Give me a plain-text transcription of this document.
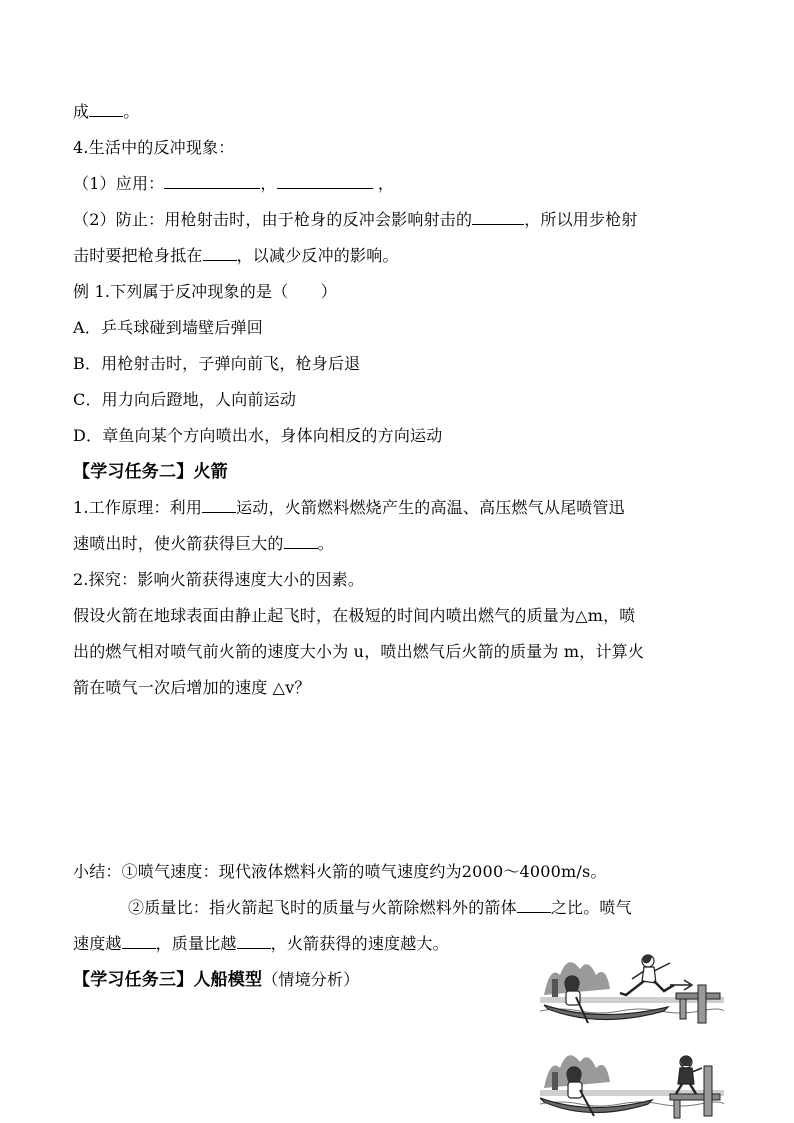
成 。
4.生活中的反冲现象：
（1）应用：	，	，
（2）防止：用枪射击时，由于枪身的反冲会影响射击的	，所以用步枪射
击时要把枪身抵在 ，以减少反冲的影响。
例 1.下列属于反冲现象的是（　　）
A．乒乓球碰到墙壁后弹回
B．用枪射击时，子弹向前飞，枪身后退
C．用力向后蹬地，人向前运动
D．章鱼向某个方向喷出水，身体向相反的方向运动
【学习任务二】火箭
1.工作原理：利用 运动，火箭燃料燃烧产生的高温、高压燃气从尾喷管迅
速喷出时，使火箭获得巨大的 。
2.探究：影响火箭获得速度大小的因素。
假设火箭在地球表面由静止起飞时，在极短的时间内喷出燃气的质量为△m，喷
出的燃气相对喷气前火箭的速度大小为 u，喷出燃气后火箭的质量为 m，计算火
箭在喷气一次后增加的速度 △v？
小结：①喷气速度：现代液体燃料火箭的喷气速度约为2000～4000m/s。
②质量比：指火箭起飞时的质量与火箭除燃料外的箭体 之比。喷气
速度越 ，质量比越 ，火箭获得的速度越大。
【学习任务三】人船模型（情境分析）
